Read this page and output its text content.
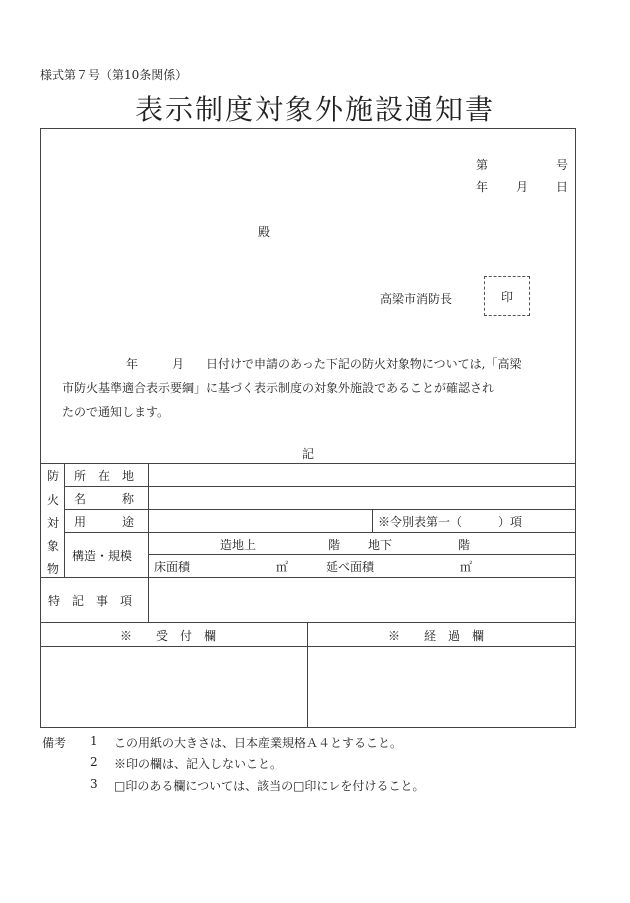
様式第７号（第10条関係）
表示制度対象外施設通知書
第	号
年 月 日
殿
高梁市消防長	印
年	月 日付けで申請のあった下記の防火対象物については,「高梁
市防火基準適合表示要綱」に基づく表示制度の対象外施設であることが確認され
たので通知します。
記
防
火
対
象
物
所　在　地
名　　　称
用　　　途	※令別表第一（　　　）項
構造・規模
造地上	階 地下	階
床面積	㎡	延べ面積	㎡
特　記　事　項
※　　受　付　欄	※　　経　過　欄
備考 1 この用紙の大きさは、日本産業規格Ａ４とすること。
2 ※印の欄は、記入しないこと。
3 □印のある欄については、該当の□印にレを付けること。
